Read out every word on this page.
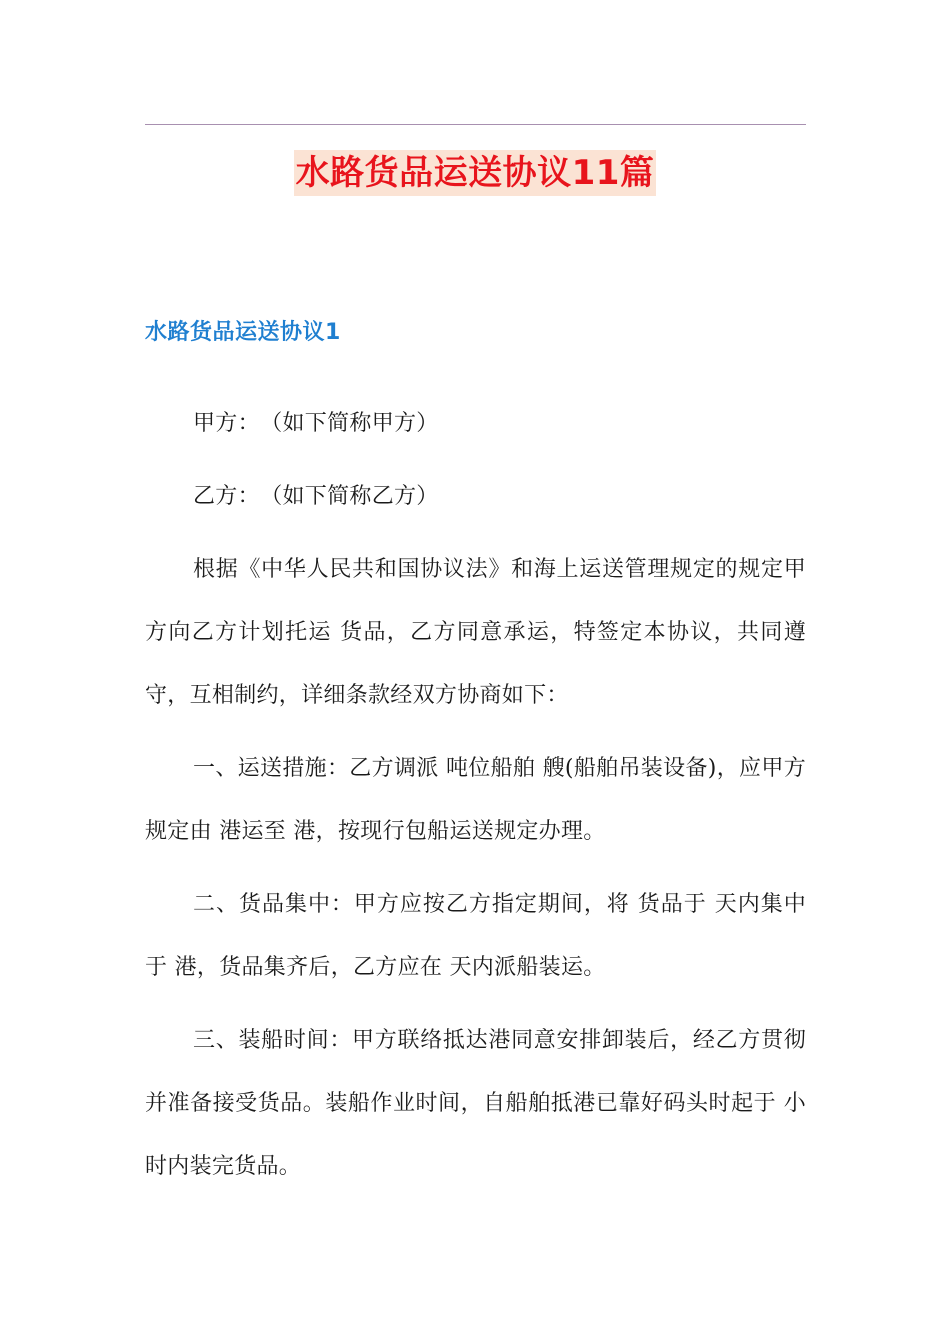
水路货品运送协议11篇
水路货品运送协议1

甲方：　（如下简称甲方）

乙方：　（如下简称乙方）

根据《中华人民共和国协议法》和海上运送管理规定的规定甲方向乙方计划托运 货品，乙方同意承运，特签定本协议，共同遵守，互相制约，详细条款经双方协商如下：

一、运送措施：乙方调派 吨位船舶 艘(船舶吊装设备)，应甲方规定由 港运至 港，按现行包船运送规定办理。

二、货品集中：甲方应按乙方指定期间，将 货品于 天内集中于 港，货品集齐后，乙方应在 天内派船装运。

三、装船时间：甲方联络抵达港同意安排卸装后，经乙方贯彻并准备接受货品。装船作业时间，自船舶抵港已靠好码头时起于 小时内装完货品。
